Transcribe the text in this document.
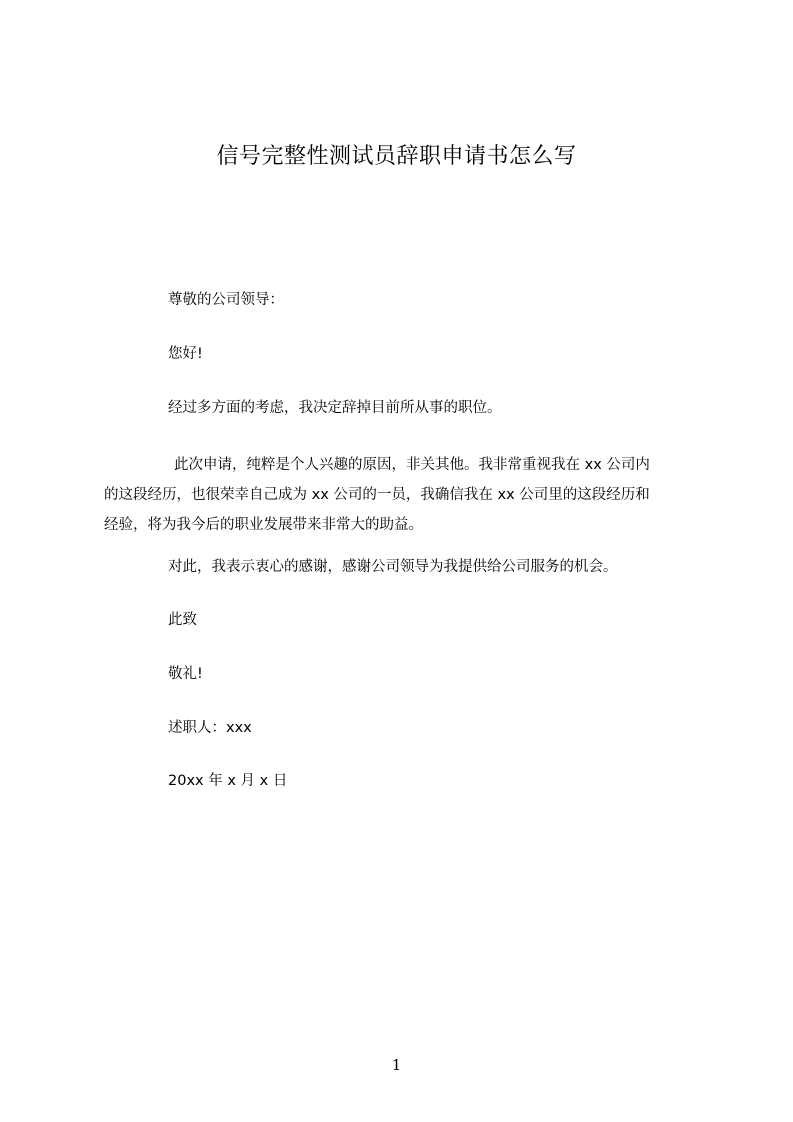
信号完整性测试员辞职申请书怎么写
尊敬的公司领导：
您好!
经过多方面的考虑，我决定辞掉目前所从事的职位。
此次申请，纯粹是个人兴趣的原因，非关其他。我非常重视我在 xx 公司内
的这段经历，也很荣幸自己成为 xx 公司的一员，我确信我在 xx 公司里的这段经历和
经验，将为我今后的职业发展带来非常大的助益。
对此，我表示衷心的感谢，感谢公司领导为我提供给公司服务的机会。
此致
敬礼!
述职人：xxx
20xx 年 x 月 x 日
1
